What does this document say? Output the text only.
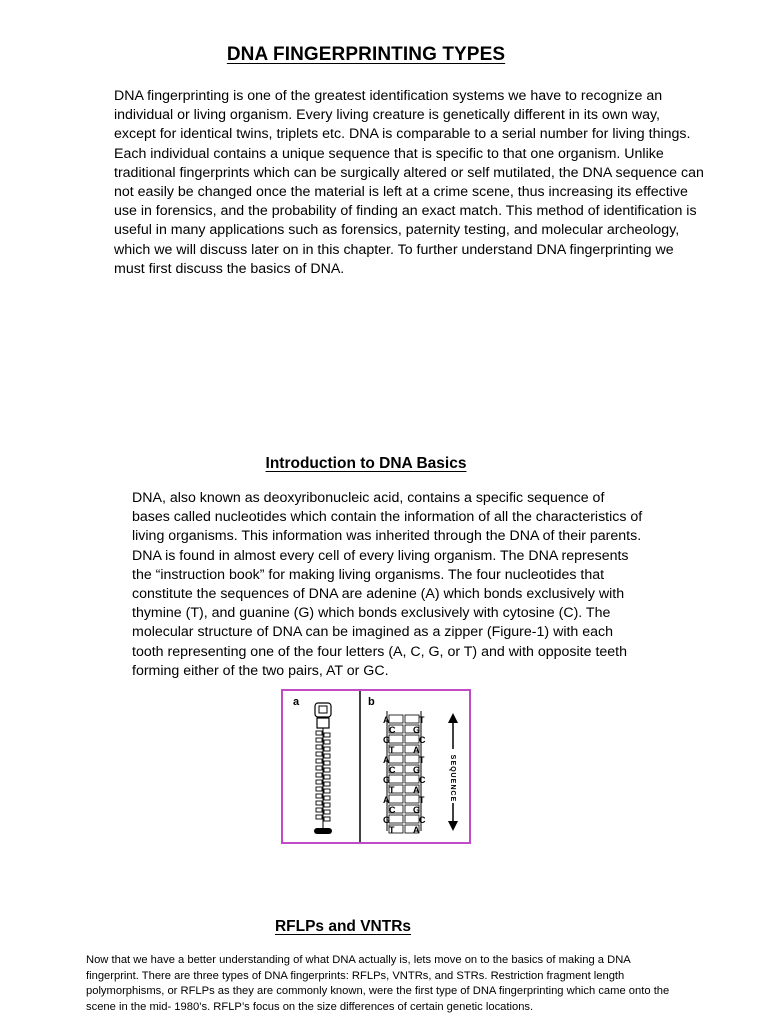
DNA FINGERPRINTING TYPES
DNA fingerprinting is one of the greatest identification systems we have to recognize an individual or living organism. Every living creature is genetically different in its own way, except for identical twins, triplets etc. DNA is comparable to a serial number for living things. Each individual contains a unique sequence that is specific to that one organism. Unlike traditional fingerprints which can be surgically altered or self mutilated, the DNA sequence can not easily be changed once the material is left at a crime scene, thus increasing its effective use in forensics, and the probability of finding an exact match. This method of identification is useful in many applications such as forensics, paternity testing, and molecular archeology, which we will discuss later on in this chapter. To further understand DNA fingerprinting we must first discuss the basics of DNA.
Introduction to DNA Basics
DNA, also known as deoxyribonucleic acid, contains a specific sequence of bases called nucleotides which contain the information of all the characteristics of living organisms. This information was inherited through the DNA of their parents. DNA is found in almost every cell of every living organism. The DNA represents the “instruction book” for making living organisms. The four nucleotides that constitute the sequences of DNA are adenine (A) which bonds exclusively with thymine (T), and guanine (G) which bonds exclusively with cytosine (C). The molecular structure of DNA can be imagined as a zipper (Figure-1) with each tooth representing one of the four letters (A, C, G, or T) and with opposite teeth forming either of the two pairs, AT or GC.
a	b
A	T
C G
G	C
T A
A	T
C G
G	C
T A
A	T
C G
G	C
T A
S
E
Q
U
E
N
C
E
RFLPs and VNTRs
Now that we have a better understanding of what DNA actually is, lets move on to the basics of making a DNA fingerprint. There are three types of DNA fingerprints: RFLPs, VNTRs, and STRs. Restriction fragment length polymorphisms, or RFLPs as they are commonly known, were the first type of DNA fingerprinting which came onto the scene in the mid- 1980’s. RFLP’s focus on the size differences of certain genetic locations.
